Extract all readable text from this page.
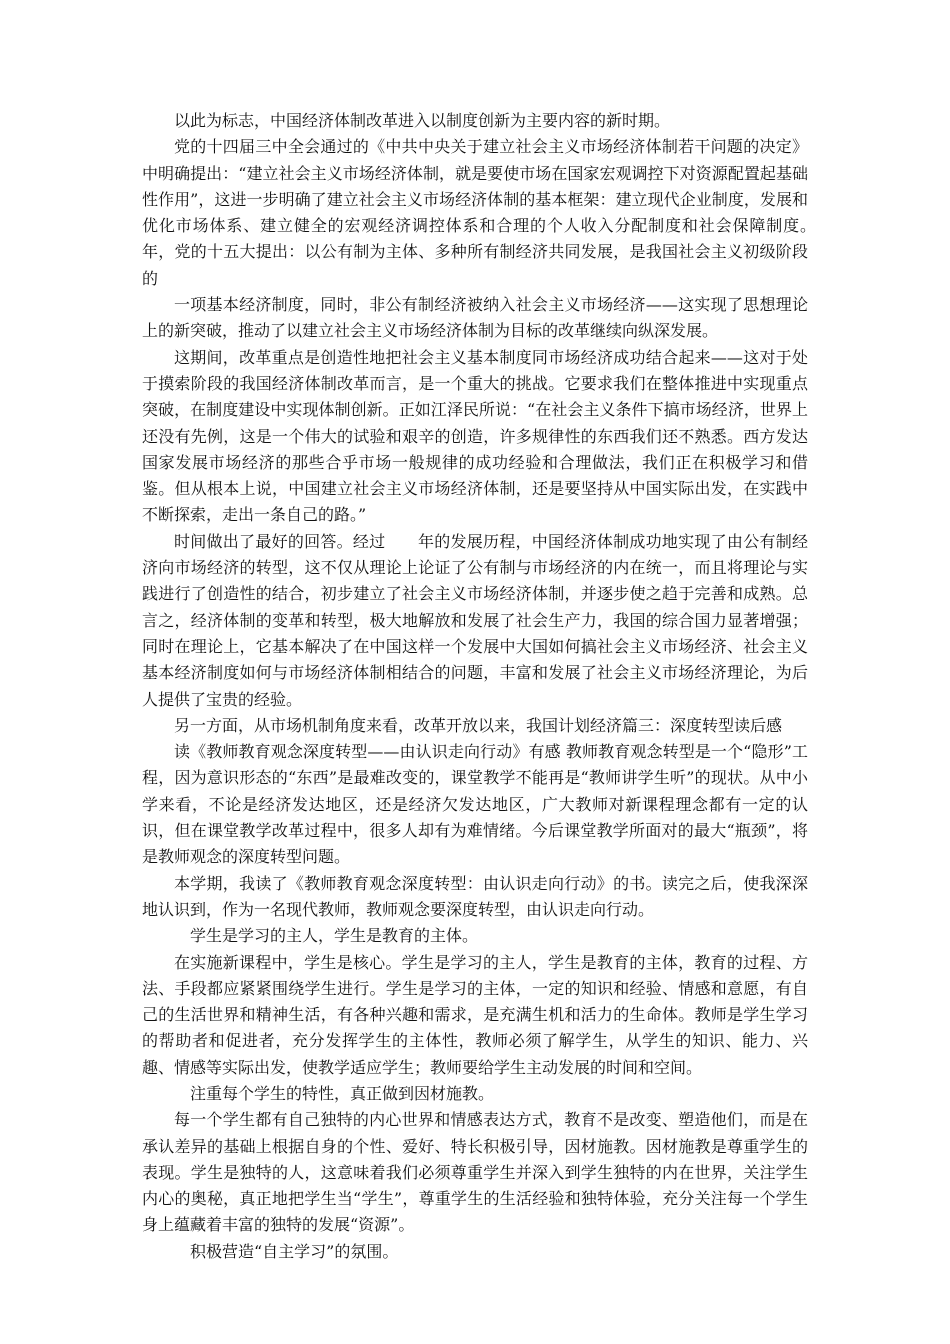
以此为标志，中国经济体制改革进入以制度创新为主要内容的新时期。

党的十四届三中全会通过的《中共中央关于建立社会主义市场经济体制若干问题的决定》中明确提出：“建立社会主义市场经济体制，就是要使市场在国家宏观调控下对资源配置起基础性作用”，这进一步明确了建立社会主义市场经济体制的基本框架：建立现代企业制度，发展和优化市场体系、建立健全的宏观经济调控体系和合理的个人收入分配制度和社会保障制度。　　年，党的十五大提出：以公有制为主体、多种所有制经济共同发展，是我国社会主义初级阶段的

一项基本经济制度，同时，非公有制经济被纳入社会主义市场经济——这实现了思想理论上的新突破，推动了以建立社会主义市场经济体制为目标的改革继续向纵深发展。

这期间，改革重点是创造性地把社会主义基本制度同市场经济成功结合起来——这对于处于摸索阶段的我国经济体制改革而言，是一个重大的挑战。它要求我们在整体推进中实现重点突破，在制度建设中实现体制创新。正如江泽民所说：“在社会主义条件下搞市场经济，世界上还没有先例，这是一个伟大的试验和艰辛的创造，许多规律性的东西我们还不熟悉。西方发达国家发展市场经济的那些合乎市场一般规律的成功经验和合理做法，我们正在积极学习和借鉴。但从根本上说，中国建立社会主义市场经济体制，还是要坚持从中国实际出发，在实践中不断探索，走出一条自己的路。”

时间做出了最好的回答。经过　　年的发展历程，中国经济体制成功地实现了由公有制经济向市场经济的转型，这不仅从理论上论证了公有制与市场经济的内在统一，而且将理论与实践进行了创造性的结合，初步建立了社会主义市场经济体制，并逐步使之趋于完善和成熟。总言之，经济体制的变革和转型，极大地解放和发展了社会生产力，我国的综合国力显著增强；同时在理论上，它基本解决了在中国这样一个发展中大国如何搞社会主义市场经济、社会主义基本经济制度如何与市场经济体制相结合的问题，丰富和发展了社会主义市场经济理论，为后人提供了宝贵的经验。

另一方面，从市场机制角度来看，改革开放以来，我国计划经济篇三：深度转型读后感

读《教师教育观念深度转型——由认识走向行动》有感 教师教育观念转型是一个“隐形”工程，因为意识形态的“东西”是最难改变的，课堂教学不能再是“教师讲学生听”的现状。从中小学来看，不论是经济发达地区，还是经济欠发达地区，广大教师对新课程理念都有一定的认识，但在课堂教学改革过程中，很多人却有为难情绪。今后课堂教学所面对的最大“瓶颈”，将是教师观念的深度转型问题。

本学期，我读了《教师教育观念深度转型：由认识走向行动》的书。读完之后，使我深深地认识到，作为一名现代教师，教师观念要深度转型，由认识走向行动。

学生是学习的主人，学生是教育的主体。

在实施新课程中，学生是核心。学生是学习的主人，学生是教育的主体，教育的过程、方法、手段都应紧紧围绕学生进行。学生是学习的主体，一定的知识和经验、情感和意愿，有自己的生活世界和精神生活，有各种兴趣和需求，是充满生机和活力的生命体。教师是学生学习的帮助者和促进者，充分发挥学生的主体性，教师必须了解学生，从学生的知识、能力、兴趣、情感等实际出发，使教学适应学生；教师要给学生主动发展的时间和空间。

注重每个学生的特性，真正做到因材施教。

每一个学生都有自己独特的内心世界和情感表达方式，教育不是改变、塑造他们，而是在承认差异的基础上根据自身的个性、爱好、特长积极引导，因材施教。因材施教是尊重学生的表现。学生是独特的人，这意味着我们必须尊重学生并深入到学生独特的内在世界，关注学生内心的奥秘，真正地把学生当“学生”，尊重学生的生活经验和独特体验，充分关注每一个学生身上蕴藏着丰富的独特的发展“资源”。

积极营造“自主学习”的氛围。
